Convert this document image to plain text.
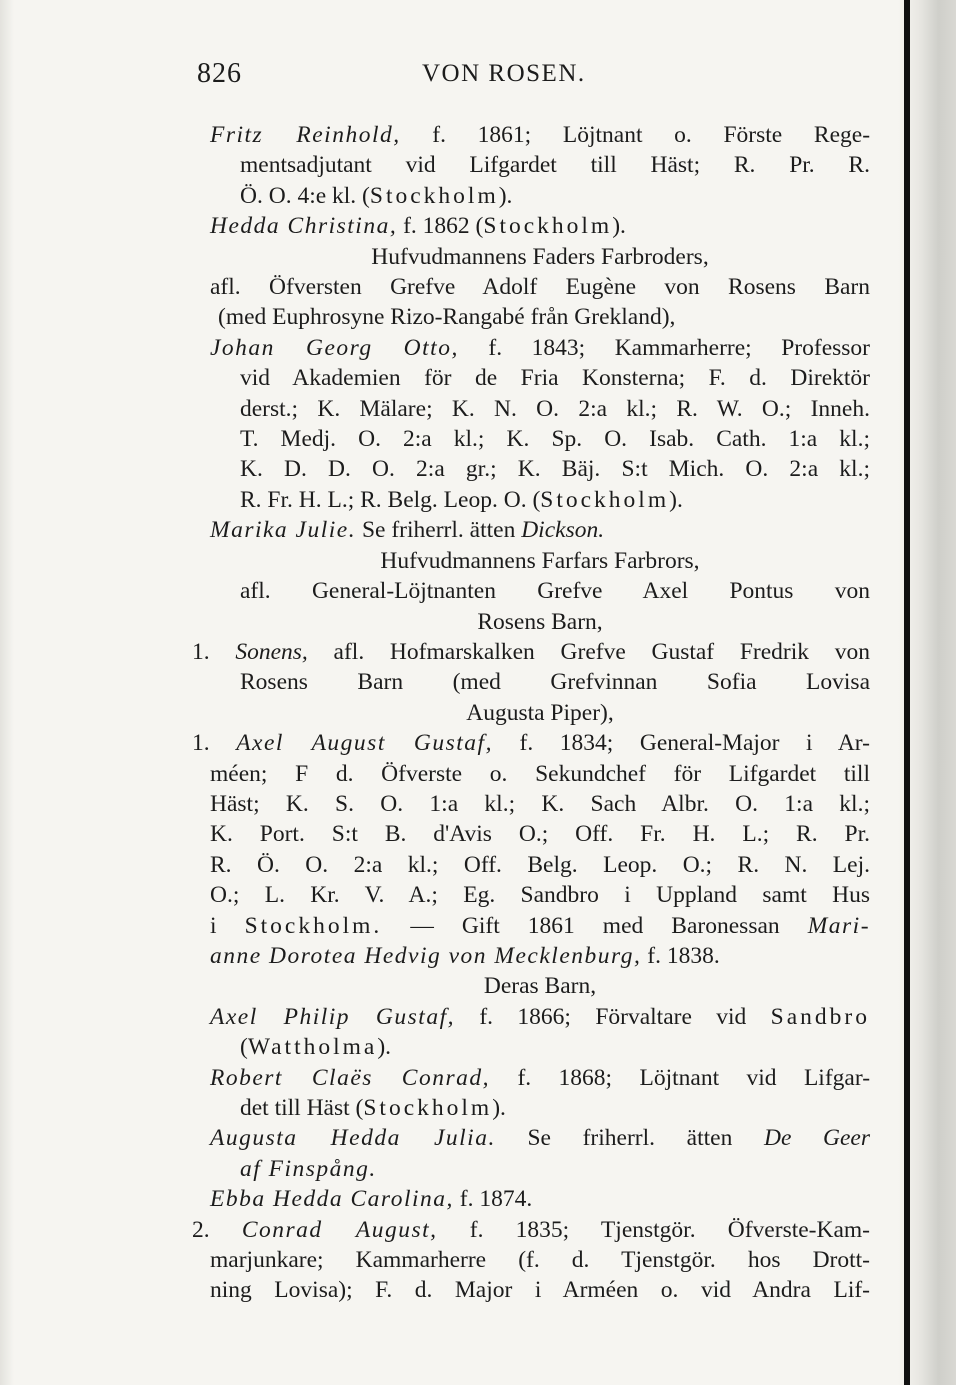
826	VON ROSEN.
Fritz Reinhold, f. 1861; Löjtnant o. Förste Rege-
mentsadjutant vid Lifgardet till Häst; R. Pr. R.
Ö. O. 4:e kl. (Stockholm).
Hedda Christina, f. 1862 (Stockholm).
Hufvudmannens Faders Farbroders,
afl. Öfversten Grefve Adolf Eugène von Rosens Barn
(med Euphrosyne Rizo-Rangabé från Grekland),
Johan Georg Otto, f. 1843; Kammarherre; Professor
vid Akademien för de Fria Konsterna; F. d. Direktör
derst.; K. Mälare; K. N. O. 2:a kl.; R. W. O.; Inneh.
T. Medj. O. 2:a kl.; K. Sp. O. Isab. Cath. 1:a kl.;
K. D. D. O. 2:a gr.; K. Bäj. S:t Mich. O. 2:a kl.;
R. Fr. H. L.; R. Belg. Leop. O. (Stockholm).
Marika Julie. Se friherrl. ätten Dickson.
Hufvudmannens Farfars Farbrors,
afl. General-Löjtnanten Grefve Axel Pontus von
Rosens Barn,
1. Sonens, afl. Hofmarskalken Grefve Gustaf Fredrik von
Rosens Barn (med Grefvinnan Sofia Lovisa
Augusta Piper),
1. Axel August Gustaf, f. 1834; General-Major i Ar-
méen; F d. Öfverste o. Sekundchef för Lifgardet till
Häst; K. S. O. 1:a kl.; K. Sach Albr. O. 1:a kl.;
K. Port. S:t B. d'Avis O.; Off. Fr. H. L.; R. Pr.
R. Ö. O. 2:a kl.; Off. Belg. Leop. O.; R. N. Lej.
O.; L. Kr. V. A.; Eg. Sandbro i Uppland samt Hus
i Stockholm. — Gift 1861 med Baronessan Mari-
anne Dorotea Hedvig von Mecklenburg, f. 1838.
Deras Barn,
Axel Philip Gustaf, f. 1866; Förvaltare vid Sandbro
(Wattholma).
Robert Claës Conrad, f. 1868; Löjtnant vid Lifgar-
det till Häst (Stockholm).
Augusta Hedda Julia. Se friherrl. ätten De Geer
af Finspång.
Ebba Hedda Carolina, f. 1874.
2. Conrad August, f. 1835; Tjenstgör. Öfverste-Kam-
marjunkare; Kammarherre (f. d. Tjenstgör. hos Drott-
ning Lovisa); F. d. Major i Arméen o. vid Andra Lif-
